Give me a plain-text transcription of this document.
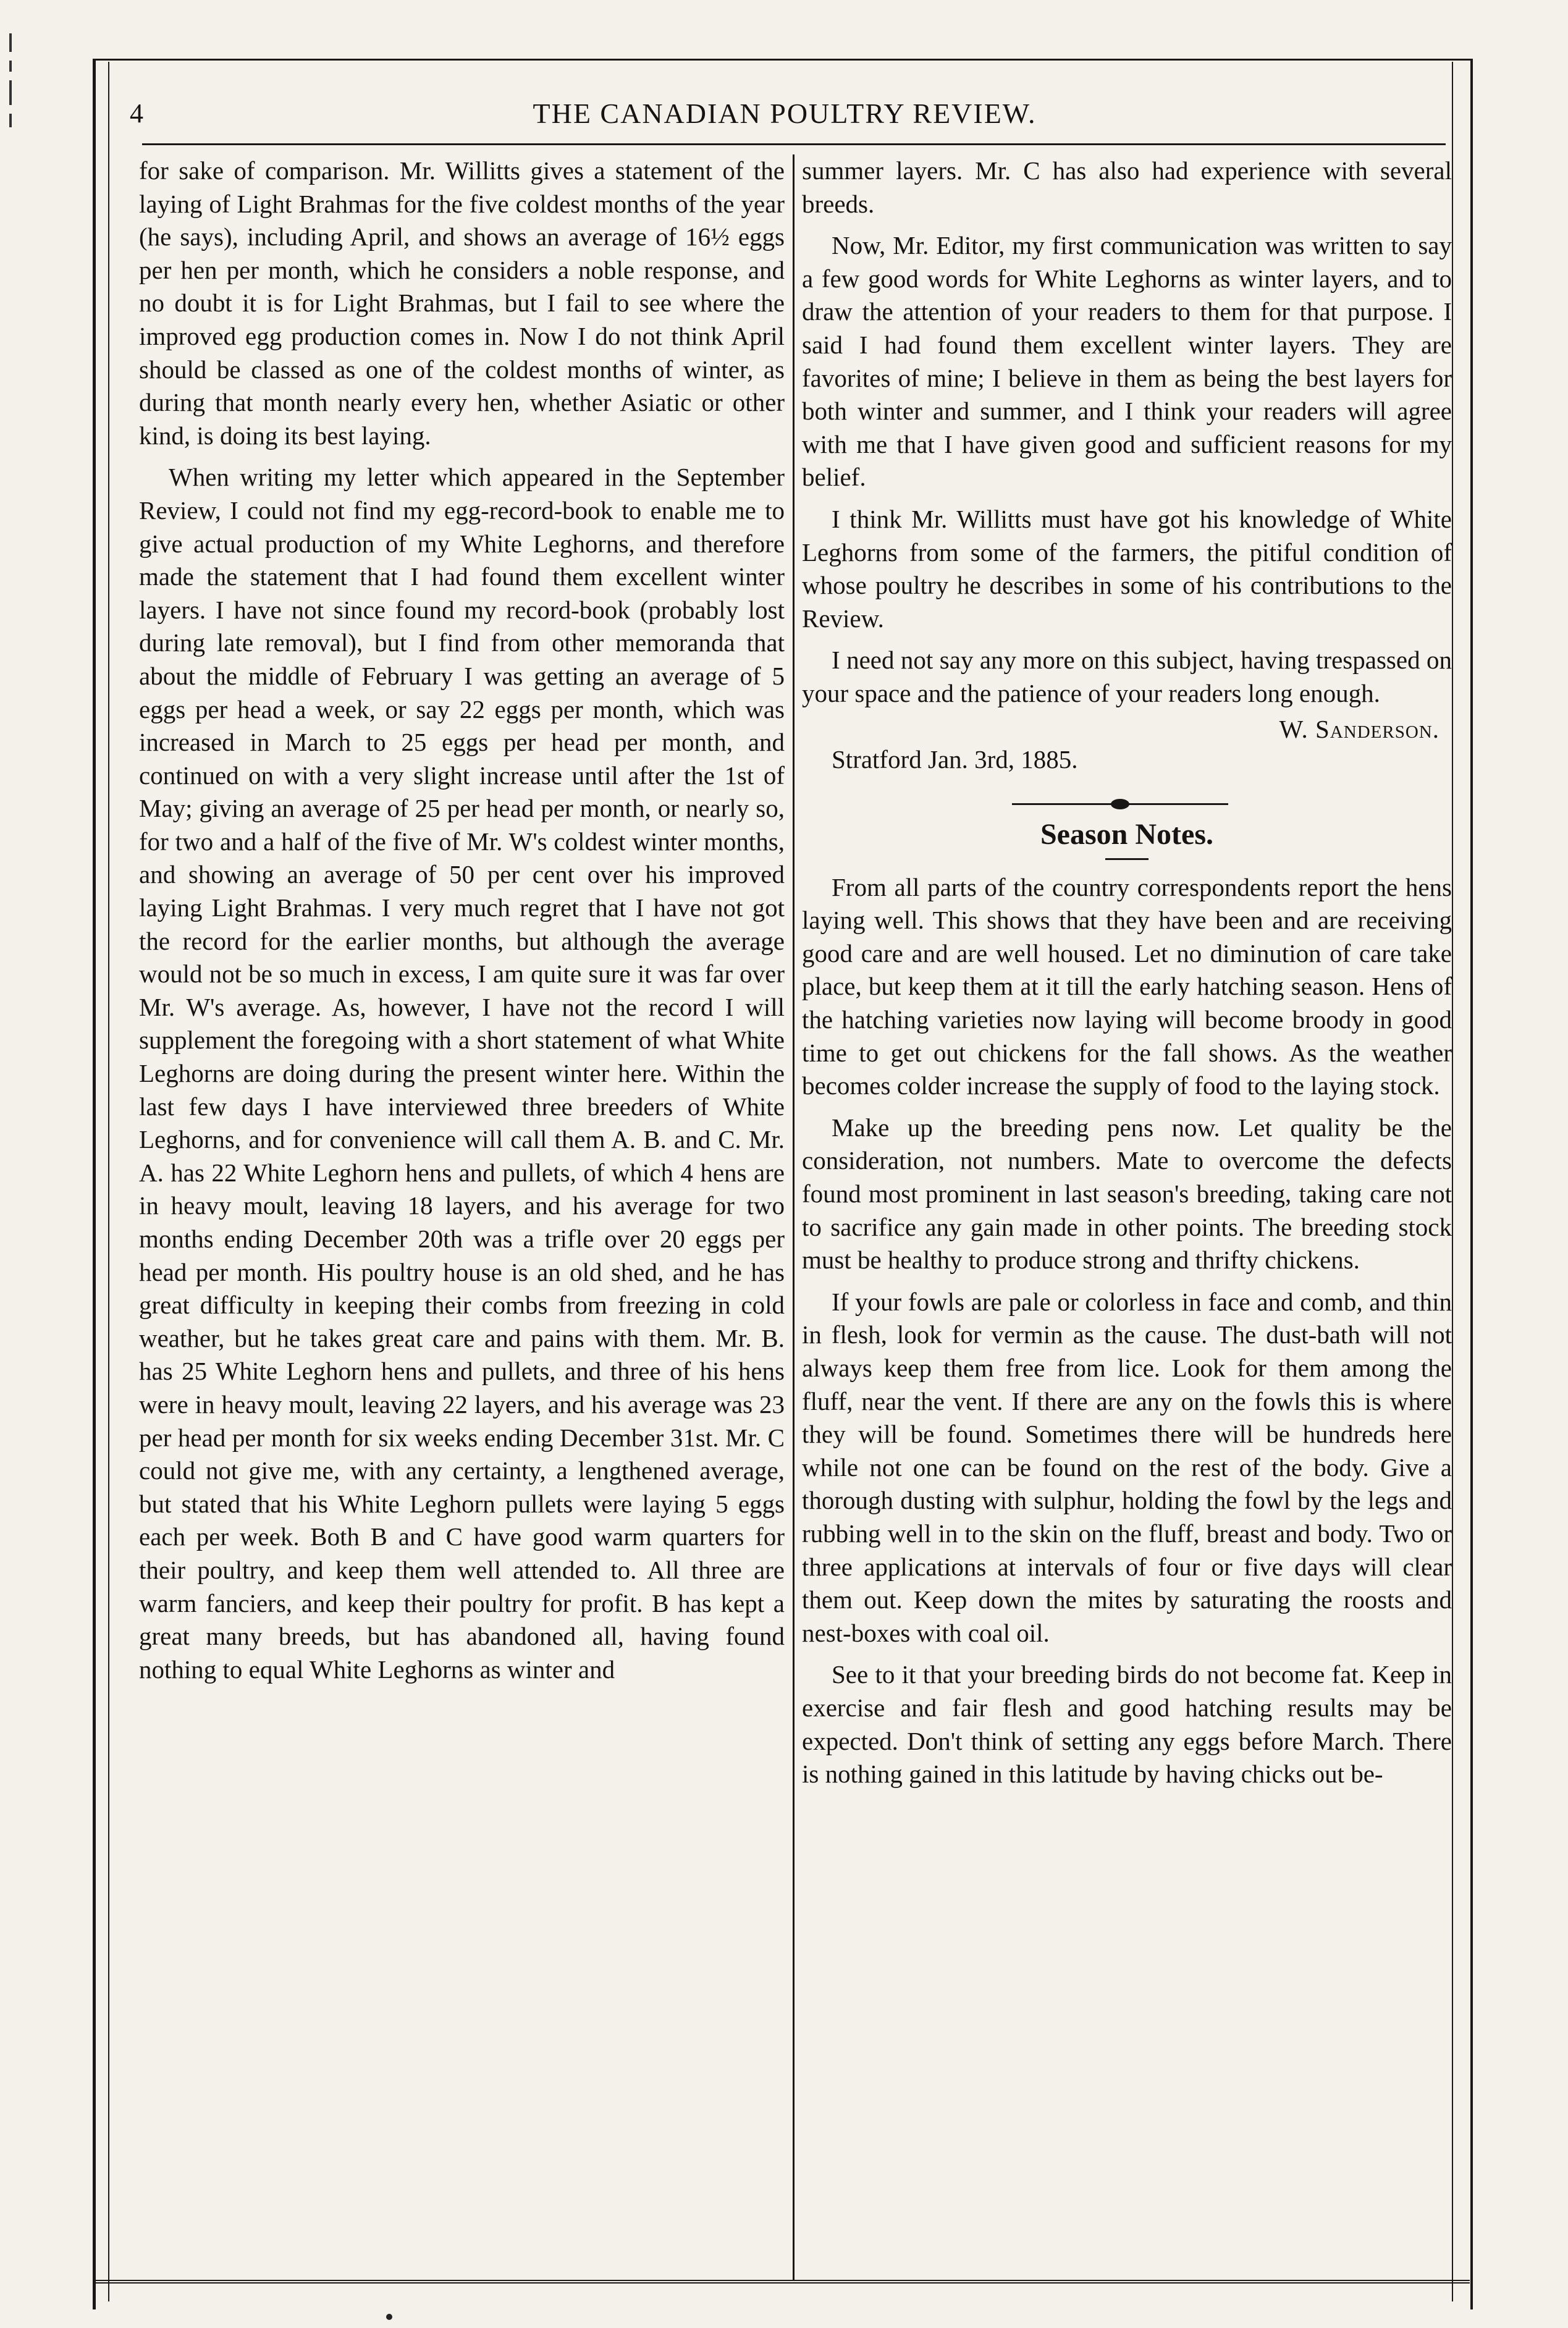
4	THE CANADIAN POULTRY REVIEW.

for sake of comparison. Mr. Willitts gives a statement of the laying of Light Brahmas for the five coldest months of the year (he says), including April, and shows an average of 16½ eggs per hen per month, which he considers a noble response, and no doubt it is for Light Brahmas, but I fail to see where the improved egg production comes in. Now I do not think April should be classed as one of the coldest months of winter, as during that month nearly every hen, whether Asiatic or other kind, is doing its best laying.

When writing my letter which appeared in the September Review, I could not find my egg-record-book to enable me to give actual production of my White Leghorns, and therefore made the statement that I had found them excellent winter layers. I have not since found my record-book (probably lost during late removal), but I find from other memoranda that about the middle of February I was getting an average of 5 eggs per head a week, or say 22 eggs per month, which was increased in March to 25 eggs per head per month, and continued on with a very slight increase until after the 1st of May; giving an average of 25 per head per month, or nearly so, for two and a half of the five of Mr. W's coldest winter months, and showing an average of 50 per cent over his improved laying Light Brahmas. I very much regret that I have not got the record for the earlier months, but although the average would not be so much in excess, I am quite sure it was far over Mr. W's average. As, however, I have not the record I will supplement the foregoing with a short statement of what White Leghorns are doing during the present winter here. Within the last few days I have interviewed three breeders of White Leghorns, and for convenience will call them A. B. and C. Mr. A. has 22 White Leghorn hens and pullets, of which 4 hens are in heavy moult, leaving 18 layers, and his average for two months ending December 20th was a trifle over 20 eggs per head per month. His poultry house is an old shed, and he has great difficulty in keeping their combs from freezing in cold weather, but he takes great care and pains with them. Mr. B. has 25 White Leghorn hens and pullets, and three of his hens were in heavy moult, leaving 22 layers, and his average was 23 per head per month for six weeks ending December 31st. Mr. C could not give me, with any certainty, a lengthened average, but stated that his White Leghorn pullets were laying 5 eggs each per week. Both B and C have good warm quarters for their poultry, and keep them well attended to. All three are warm fanciers, and keep their poultry for profit. B has kept a great many breeds, but has abandoned all, having found nothing to equal White Leghorns as winter and

summer layers. Mr. C has also had experience with several breeds.

Now, Mr. Editor, my first communication was written to say a few good words for White Leghorns as winter layers, and to draw the attention of your readers to them for that purpose. I said I had found them excellent winter layers. They are favorites of mine; I believe in them as being the best layers for both winter and summer, and I think your readers will agree with me that I have given good and sufficient reasons for my belief.

I think Mr. Willitts must have got his knowledge of White Leghorns from some of the farmers, the pitiful condition of whose poultry he describes in some of his contributions to the Review.

I need not say any more on this subject, having trespassed on your space and the patience of your readers long enough.

W. Sanderson.
Stratford Jan. 3rd, 1885.
Season Notes.

From all parts of the country correspondents report the hens laying well. This shows that they have been and are receiving good care and are well housed. Let no diminution of care take place, but keep them at it till the early hatching season. Hens of the hatching varieties now laying will become broody in good time to get out chickens for the fall shows. As the weather becomes colder increase the supply of food to the laying stock.

Make up the breeding pens now. Let quality be the consideration, not numbers. Mate to overcome the defects found most prominent in last season's breeding, taking care not to sacrifice any gain made in other points. The breeding stock must be healthy to produce strong and thrifty chickens.

If your fowls are pale or colorless in face and comb, and thin in flesh, look for vermin as the cause. The dust-bath will not always keep them free from lice. Look for them among the fluff, near the vent. If there are any on the fowls this is where they will be found. Sometimes there will be hundreds here while not one can be found on the rest of the body. Give a thorough dusting with sulphur, holding the fowl by the legs and rubbing well in to the skin on the fluff, breast and body. Two or three applications at intervals of four or five days will clear them out. Keep down the mites by saturating the roosts and nest-boxes with coal oil.

See to it that your breeding birds do not become fat. Keep in exercise and fair flesh and good hatching results may be expected. Don't think of setting any eggs before March. There is nothing gained in this latitude by having chicks out be-
